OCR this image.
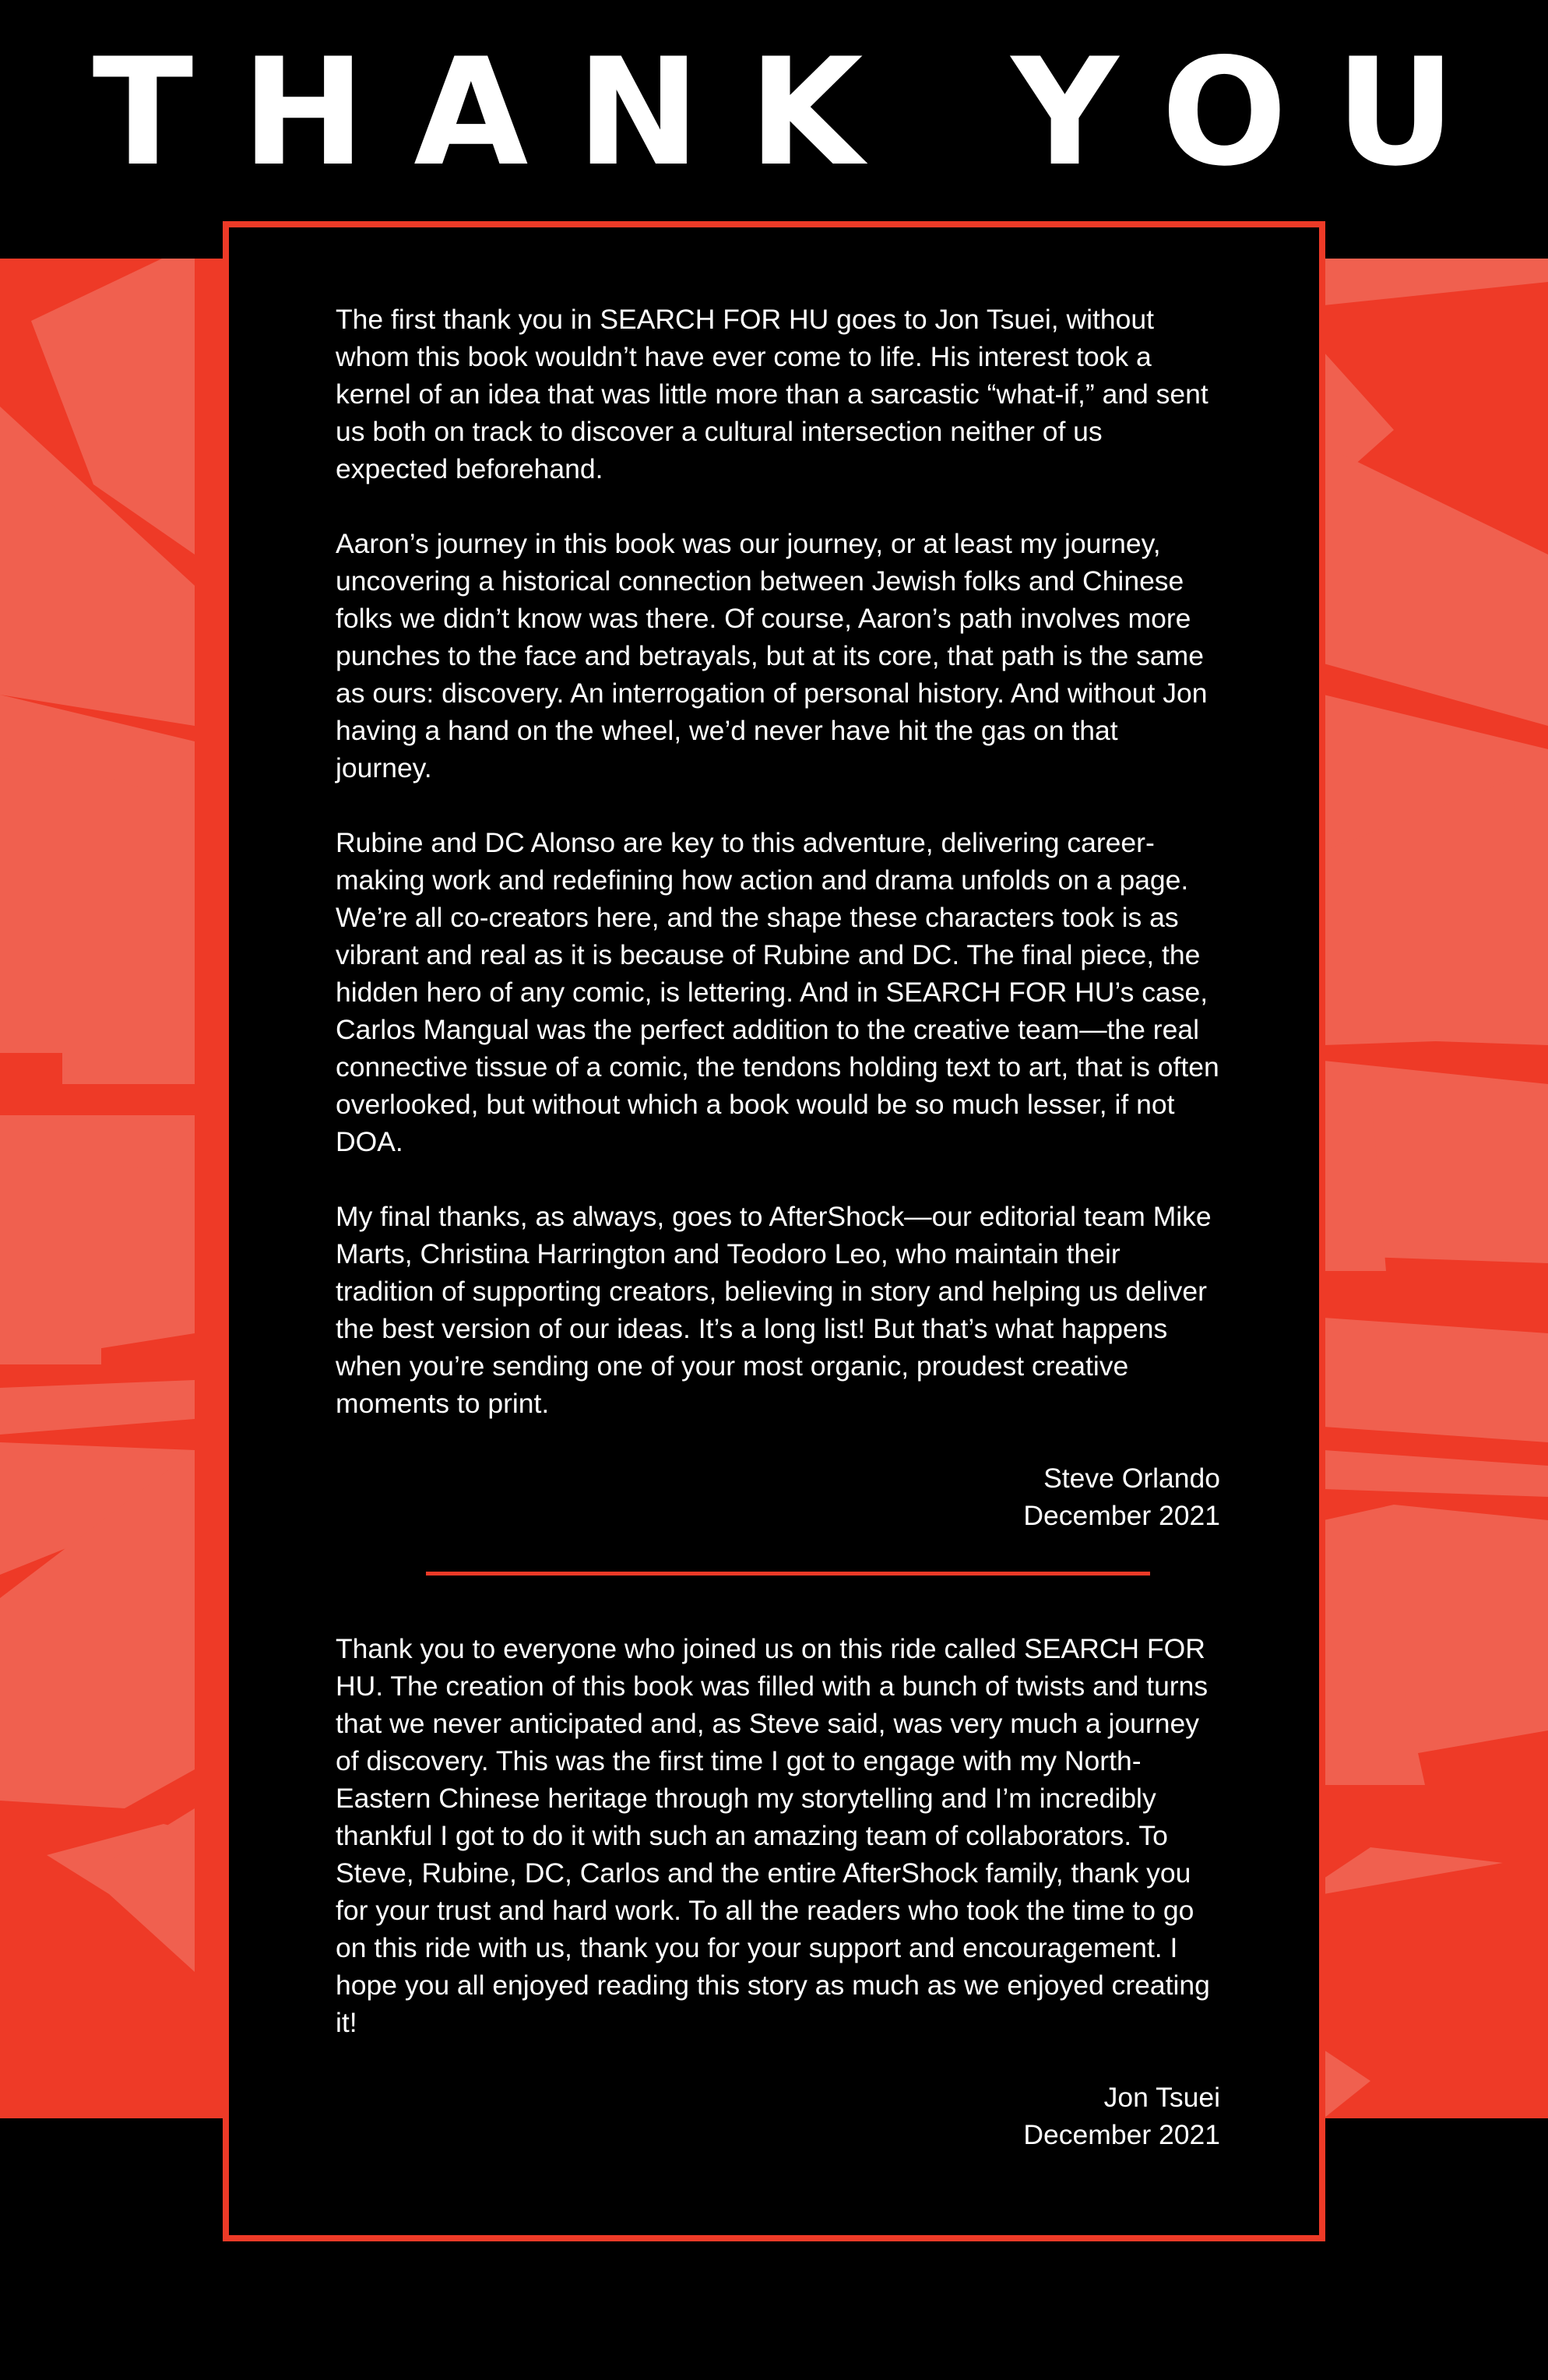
THANK YOU

The first thank you in SEARCH FOR HU goes to Jon Tsuei, without whom this book wouldn’t have ever come to life. His interest took a kernel of an idea that was little more than a sarcastic “what-if,” and sent us both on track to discover a cultural intersection neither of us expected beforehand.

Aaron’s journey in this book was our journey, or at least my journey, uncovering a historical connection between Jewish folks and Chinese folks we didn’t know was there. Of course, Aaron’s path involves more punches to the face and betrayals, but at its core, that path is the same as ours: discovery. An interrogation of personal history. And without Jon having a hand on the wheel, we’d never have hit the gas on that journey.

Rubine and DC Alonso are key to this adventure, delivering career-making work and redefining how action and drama unfolds on a page. We’re all co-creators here, and the shape these characters took is as vibrant and real as it is because of Rubine and DC. The final piece, the hidden hero of any comic, is lettering. And in SEARCH FOR HU’s case, Carlos Mangual was the perfect addition to the creative team—the real connective tissue of a comic, the tendons holding text to art, that is often overlooked, but without which a book would be so much lesser, if not DOA.

My final thanks, as always, goes to AfterShock—our editorial team Mike Marts, Christina Harrington and Teodoro Leo, who maintain their tradition of supporting creators, believing in story and helping us deliver the best version of our ideas. It’s a long list! But that’s what happens when you’re sending one of your most organic, proudest creative moments to print.

Steve Orlando
December 2021

Thank you to everyone who joined us on this ride called SEARCH FOR HU. The creation of this book was filled with a bunch of twists and turns that we never anticipated and, as Steve said, was very much a journey of discovery. This was the first time I got to engage with my North-Eastern Chinese heritage through my storytelling and I’m incredibly thankful I got to do it with such an amazing team of collaborators. To Steve, Rubine, DC, Carlos and the entire AfterShock family, thank you for your trust and hard work. To all the readers who took the time to go on this ride with us, thank you for your support and encouragement. I hope you all enjoyed reading this story as much as we enjoyed creating it!

Jon Tsuei
December 2021
